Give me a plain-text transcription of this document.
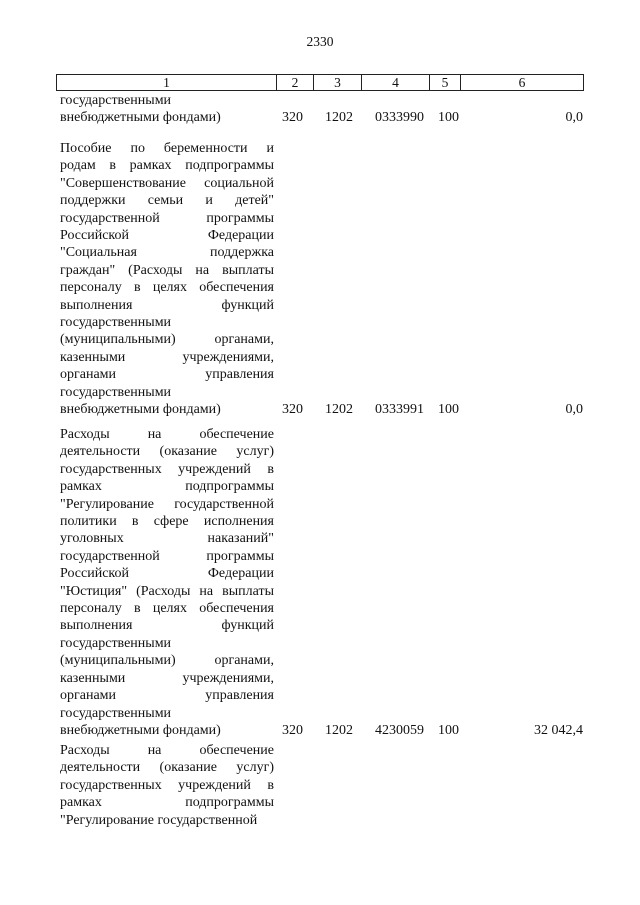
2330
1	2	3	4	5	6
государственными
внебюджетными фондами)	320 1202 0333990 100	0,0
Пособие по беременности и
родам в рамках подпрограммы
"Совершенствование социальной
поддержки семьи и детей"
государственной программы
Российской Федерации
"Социальная поддержка
граждан" (Расходы на выплаты
персоналу в целях обеспечения
выполнения функций
государственными
(муниципальными) органами,
казенными учреждениями,
органами управления
государственными
внебюджетными фондами)	320 1202 0333991 100	0,0
Расходы на обеспечение
деятельности (оказание услуг)
государственных учреждений в
рамках подпрограммы
"Регулирование государственной
политики в сфере исполнения
уголовных наказаний"
государственной программы
Российской Федерации
"Юстиция" (Расходы на выплаты
персоналу в целях обеспечения
выполнения функций
государственными
(муниципальными) органами,
казенными учреждениями,
органами управления
государственными
внебюджетными фондами)	320 1202 4230059 100	32 042,4
Расходы на обеспечение
деятельности (оказание услуг)
государственных учреждений в
рамках подпрограммы
"Регулирование государственной
